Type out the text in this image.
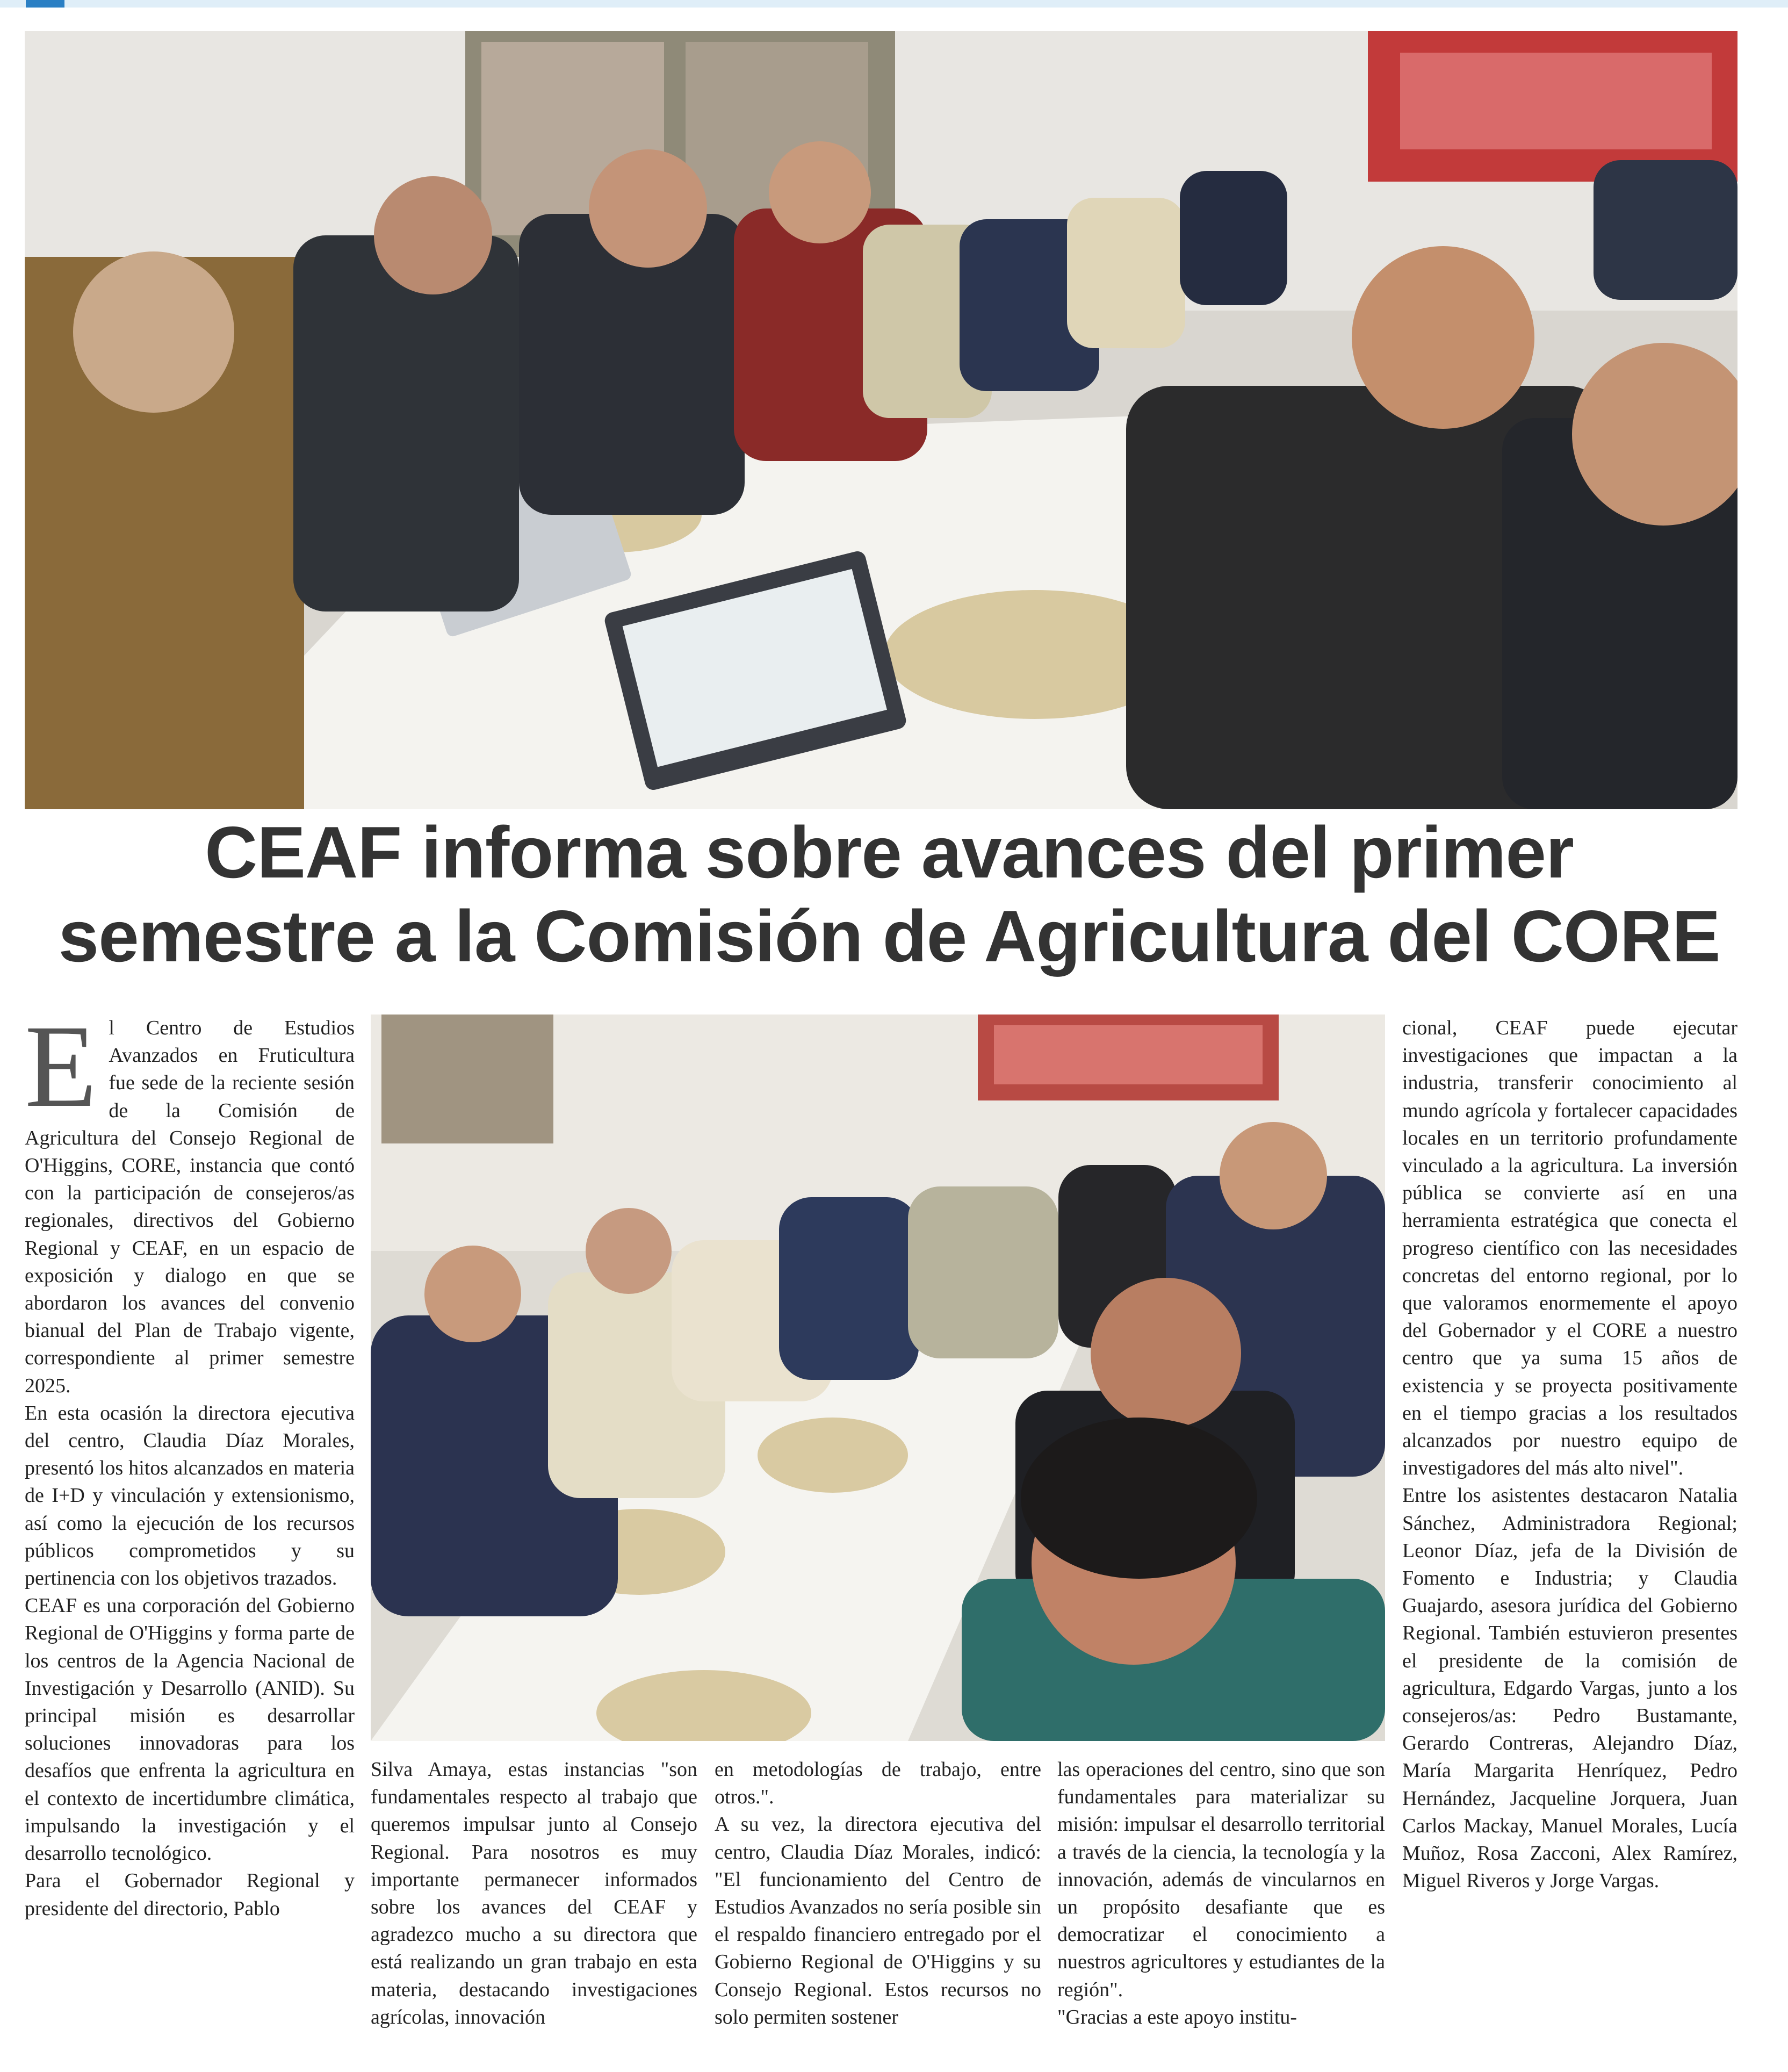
CEAF informa sobre avances del primer
semestre a la Comisión de Agricultura del CORE
E l Centro de Estudios Avanzados en Fruticultura fue sede de la reciente sesión de la Comisión de Agricultura del Consejo Regional de O'Higgins, CORE, instancia que contó con la participación de consejeros/as regionales, directivos del Gobierno Regional y CEAF, en un espacio de exposición y dialogo en que se abordaron los avances del convenio bianual del Plan de Trabajo vigente, correspondiente al primer semestre 2025.

En esta ocasión la directora ejecutiva del centro, Claudia Díaz Morales, presentó los hitos alcanzados en materia de I+D y vinculación y extensionismo, así como la ejecución de los recursos públicos comprometidos y su pertinencia con los objetivos trazados.

CEAF es una corporación del Gobierno Regional de O'Higgins y forma parte de los centros de la Agencia Nacional de Investigación y Desarrollo (ANID). Su principal misión es desarrollar soluciones innovadoras para los desafíos que enfrenta la agricultura en el contexto de incertidumbre climática, impulsando la investigación y el desarrollo tecnológico.

Para el Gobernador Regional y presidente del directorio, Pablo

Silva Amaya, estas instancias "son fundamentales respecto al trabajo que queremos impulsar junto al Consejo Regional. Para nosotros es muy importante permanecer informados sobre los avances del CEAF y agradezco mucho a su directora que está realizando un gran trabajo en esta materia, destacando investigaciones agrícolas, innovación

en metodologías de trabajo, entre otros.".

A su vez, la directora ejecutiva del centro, Claudia Díaz Morales, indicó: "El funcionamiento del Centro de Estudios Avanzados no sería posible sin el respaldo financiero entregado por el Gobierno Regional de O'Higgins y su Consejo Regional. Estos recursos no solo permiten sostener

las operaciones del centro, sino que son fundamentales para materializar su misión: impulsar el desarrollo territorial a través de la ciencia, la tecnología y la innovación, además de vincularnos en un propósito desafiante que es democratizar el conocimiento a nuestros agricultores y estudiantes de la región".

"Gracias a este apoyo institu-

cional, CEAF puede ejecutar investigaciones que impactan a la industria, transferir conocimiento al mundo agrícola y fortalecer capacidades locales en un territorio profundamente vinculado a la agricultura. La inversión pública se convierte así en una herramienta estratégica que conecta el progreso científico con las necesidades concretas del entorno regional, por lo que valoramos enormemente el apoyo del Gobernador y el CORE a nuestro centro que ya suma 15 años de existencia y se proyecta positivamente en el tiempo gracias a los resultados alcanzados por nuestro equipo de investigadores del más alto nivel".

Entre los asistentes destacaron Natalia Sánchez, Administradora Regional; Leonor Díaz, jefa de la División de Fomento e Industria; y Claudia Guajardo, asesora jurídica del Gobierno Regional. También estuvieron presentes el presidente de la comisión de agricultura, Edgardo Vargas, junto a los consejeros/as: Pedro Bustamante, Gerardo Contreras, Alejandro Díaz, María Margarita Henríquez, Pedro Hernández, Jacqueline Jorquera, Juan Carlos Mackay, Manuel Morales, Lucía Muñoz, Rosa Zacconi, Alex Ramírez, Miguel Riveros y Jorge Vargas.
